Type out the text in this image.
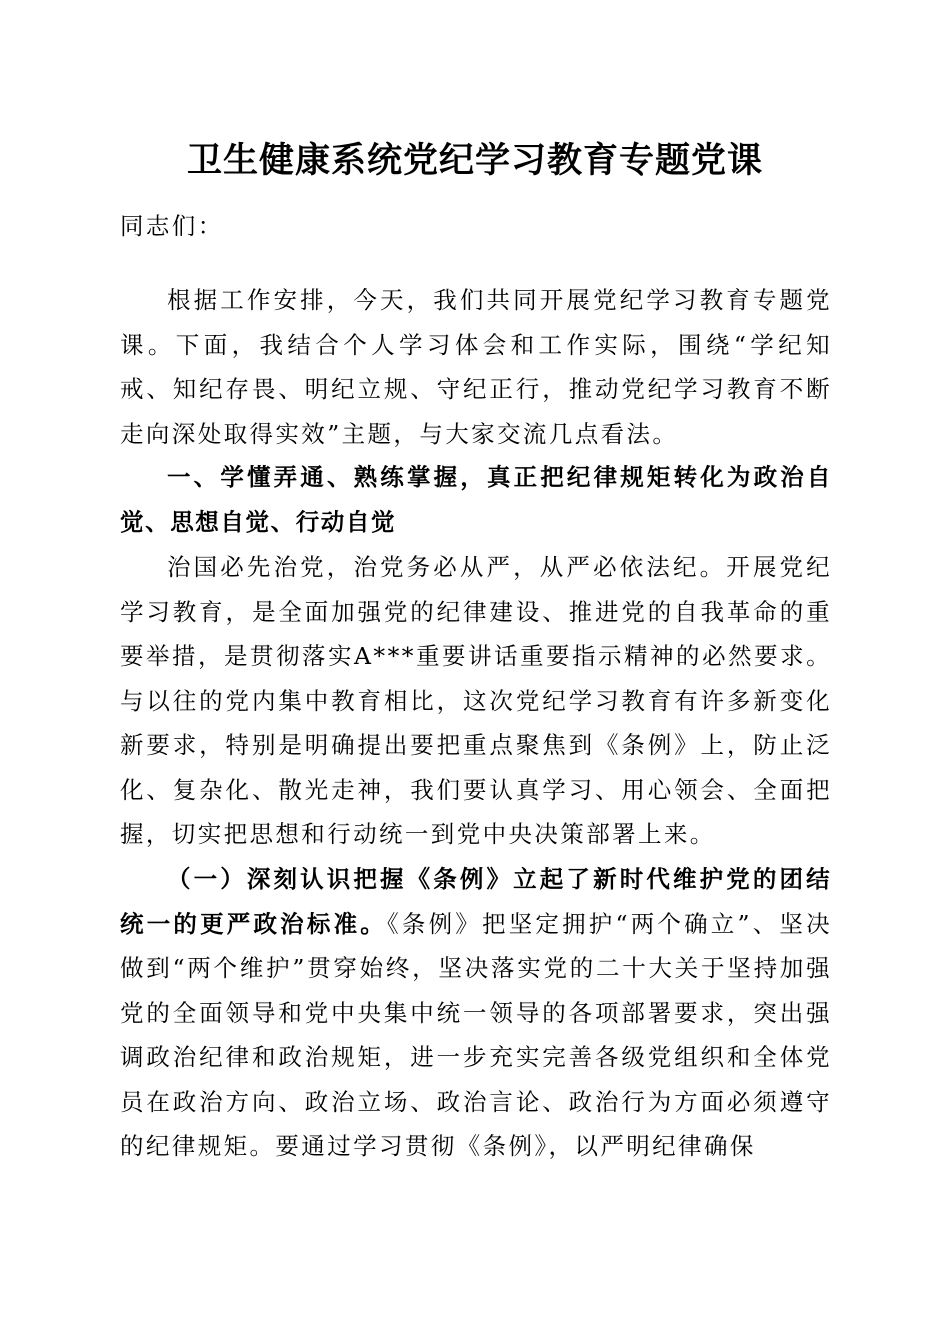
卫生健康系统党纪学习教育专题党课

同志们：

根据工作安排，今天，我们共同开展党纪学习教育专题党课。下面，我结合个人学习体会和工作实际，围绕“学纪知戒、知纪存畏、明纪立规、守纪正行，推动党纪学习教育不断走向深处取得实效”主题，与大家交流几点看法。

一、学懂弄通、熟练掌握，真正把纪律规矩转化为政治自觉、思想自觉、行动自觉

治国必先治党，治党务必从严，从严必依法纪。开展党纪学习教育，是全面加强党的纪律建设、推进党的自我革命的重要举措，是贯彻落实A***重要讲话重要指示精神的必然要求。与以往的党内集中教育相比，这次党纪学习教育有许多新变化新要求，特别是明确提出要把重点聚焦到《条例》上，防止泛化、复杂化、散光走神，我们要认真学习、用心领会、全面把握，切实把思想和行动统一到党中央决策部署上来。

（一）深刻认识把握《条例》立起了新时代维护党的团结统一的更严政治标准。《条例》把坚定拥护“两个确立”、坚决做到“两个维护”贯穿始终，坚决落实党的二十大关于坚持加强党的全面领导和党中央集中统一领导的各项部署要求，突出强调政治纪律和政治规矩，进一步充实完善各级党组织和全体党员在政治方向、政治立场、政治言论、政治行为方面必须遵守的纪律规矩。要通过学习贯彻《条例》，以严明纪律确保
